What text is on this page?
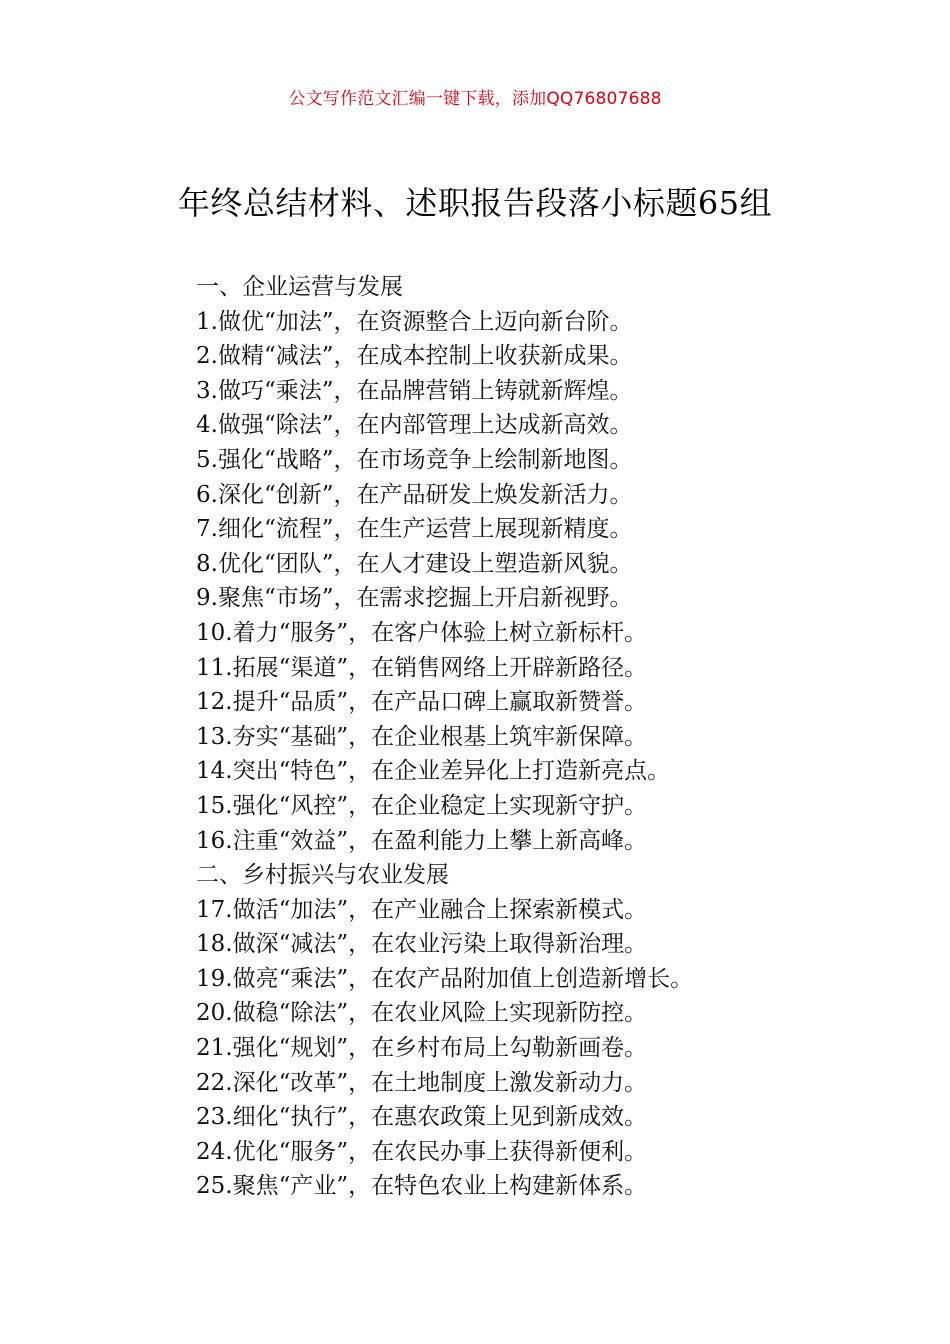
公文写作范文汇编一键下载，添加QQ76807688
年终总结材料、述职报告段落小标题65组
一、企业运营与发展
1.做优“加法”，在资源整合上迈向新台阶。
2.做精“减法”，在成本控制上收获新成果。
3.做巧“乘法”，在品牌营销上铸就新辉煌。
4.做强“除法”，在内部管理上达成新高效。
5.强化“战略”，在市场竞争上绘制新地图。
6.深化“创新”，在产品研发上焕发新活力。
7.细化“流程”，在生产运营上展现新精度。
8.优化“团队”，在人才建设上塑造新风貌。
9.聚焦“市场”，在需求挖掘上开启新视野。
10.着力“服务”，在客户体验上树立新标杆。
11.拓展“渠道”，在销售网络上开辟新路径。
12.提升“品质”，在产品口碑上赢取新赞誉。
13.夯实“基础”，在企业根基上筑牢新保障。
14.突出“特色”，在企业差异化上打造新亮点。
15.强化“风控”，在企业稳定上实现新守护。
16.注重“效益”，在盈利能力上攀上新高峰。
二、乡村振兴与农业发展
17.做活“加法”，在产业融合上探索新模式。
18.做深“减法”，在农业污染上取得新治理。
19.做亮“乘法”，在农产品附加值上创造新增长。
20.做稳“除法”，在农业风险上实现新防控。
21.强化“规划”，在乡村布局上勾勒新画卷。
22.深化“改革”，在土地制度上激发新动力。
23.细化“执行”，在惠农政策上见到新成效。
24.优化“服务”，在农民办事上获得新便利。
25.聚焦“产业”，在特色农业上构建新体系。
